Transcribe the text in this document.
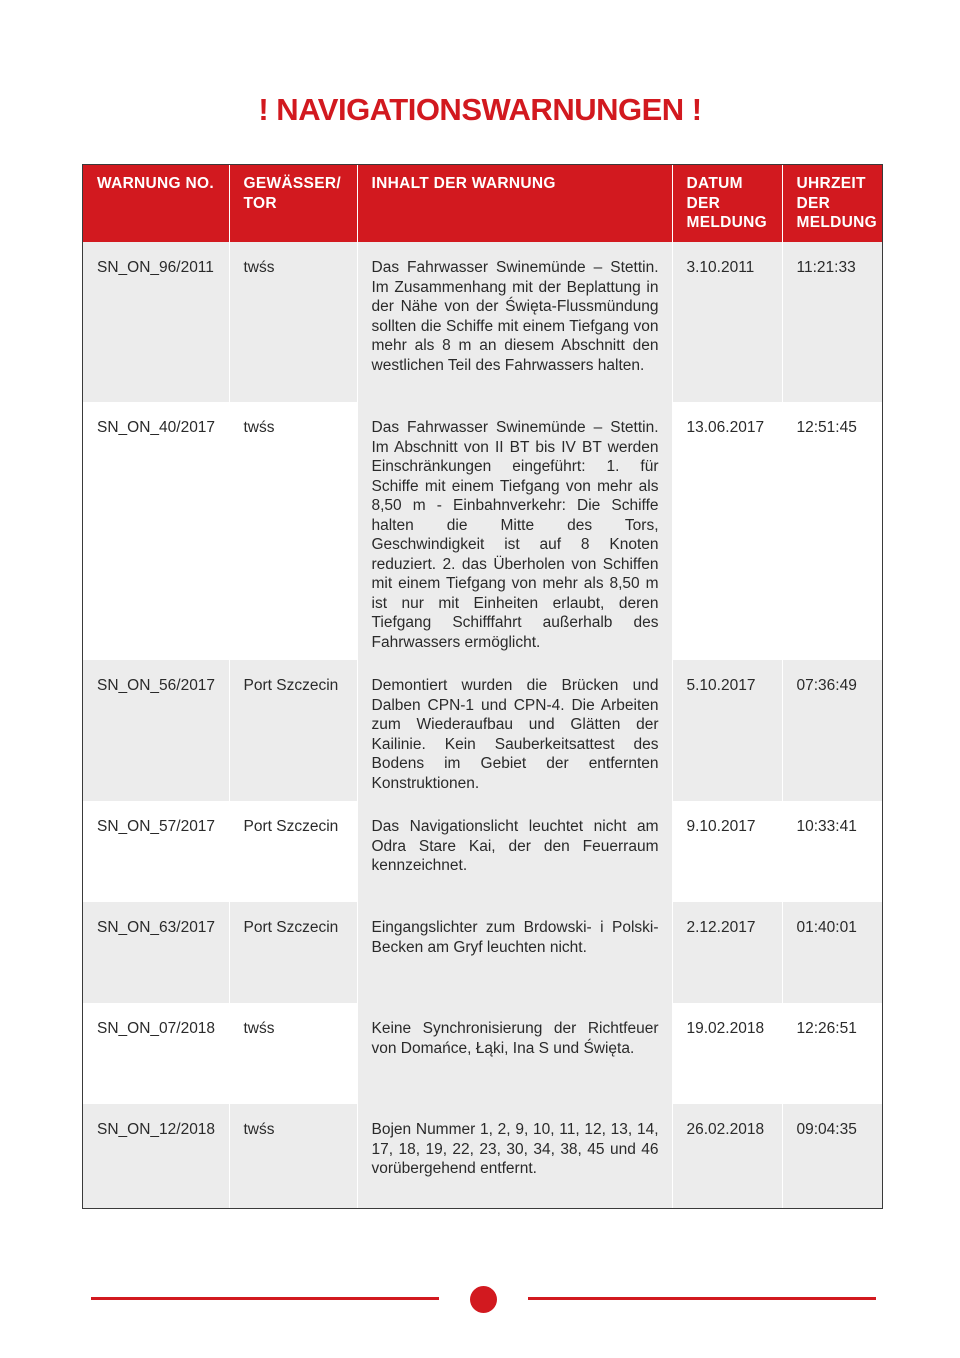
! NAVIGATIONSWARNUNGEN !
WARNUNG NO.	GEWÄSSER/ TOR	INHALT DER WARNUNG	DATUM DER MELDUNG	UHRZEIT DER MELDUNG
SN_ON_96/2011	twśs	Das Fahrwasser Swinemünde – Stettin. Im Zusammenhang mit der Beplattung in der Nähe von der Święta-Flussmündung sollten die Schiffe mit einem Tiefgang von mehr als 8 m an diesem Abschnitt den westlichen Teil des Fahrwassers halten.	3.10.2011	11:21:33
SN_ON_40/2017	twśs	Das Fahrwasser Swinemünde – Stettin. Im Abschnitt von II BT bis IV BT werden Einschränkungen eingeführt: 1. für Schiffe mit einem Tiefgang von mehr als 8,50 m - Einbahnverkehr: Die Schiffe halten die Mitte des Tors, Geschwindigkeit ist auf 8 Knoten reduziert. 2. das Überholen von Schiffen mit einem Tiefgang von mehr als 8,50 m ist nur mit Einheiten erlaubt, deren Tiefgang Schifffahrt außerhalb des Fahrwassers ermöglicht.	13.06.2017	12:51:45
SN_ON_56/2017	Port Szczecin	Demontiert wurden die Brücken und Dalben CPN-1 und CPN-4. Die Arbeiten zum Wiederaufbau und Glätten der Kailinie. Kein Sauberkeitsattest des Bodens im Gebiet der entfernten Konstruktionen.	5.10.2017	07:36:49
SN_ON_57/2017	Port Szczecin	Das Navigationslicht leuchtet nicht am Odra Stare Kai, der den Feuerraum kennzeichnet.	9.10.2017	10:33:41
SN_ON_63/2017	Port Szczecin	Eingangslichter zum Brdowski- i Polski-Becken am Gryf leuchten nicht.	2.12.2017	01:40:01
SN_ON_07/2018	twśs	Keine Synchronisierung der Richtfeuer von Domańce, Łąki, Ina S und Święta.	19.02.2018	12:26:51
SN_ON_12/2018	twśs	Bojen Nummer 1, 2, 9, 10, 11, 12, 13, 14, 17, 18, 19, 22, 23, 30, 34, 38, 45 und 46 vorübergehend entfernt.	26.02.2018	09:04:35
